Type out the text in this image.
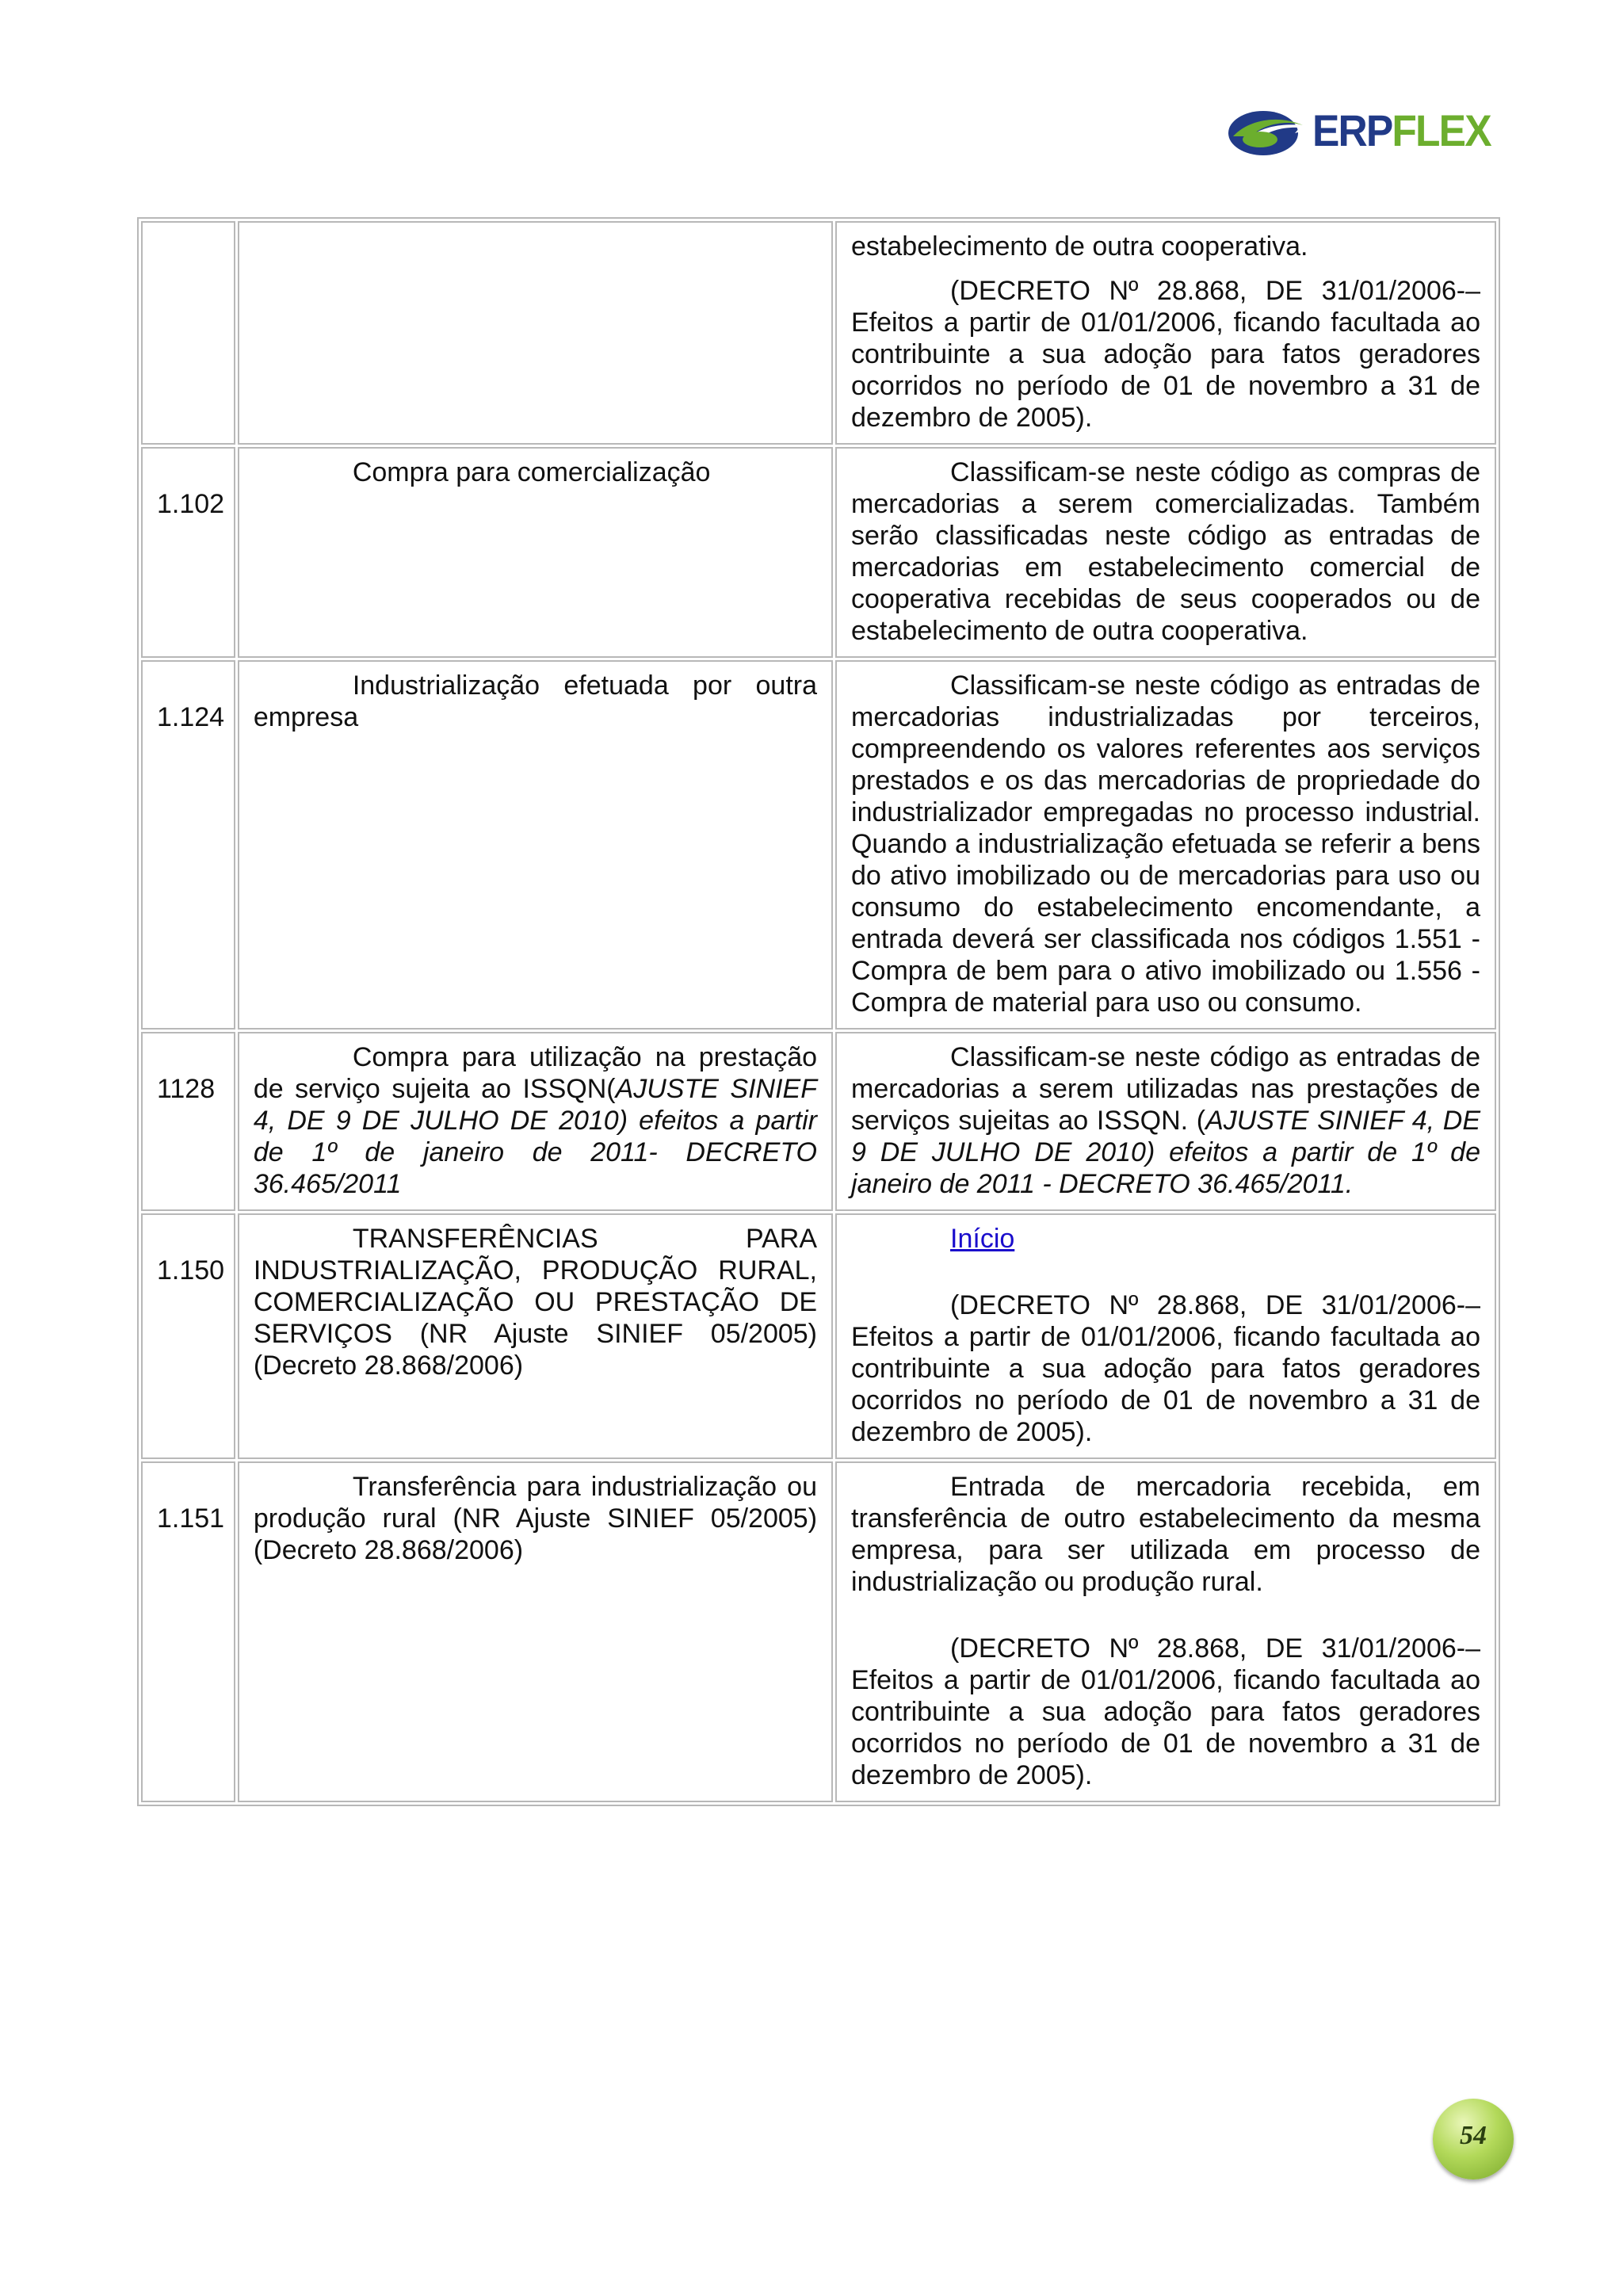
ERPFLEX

		estabelecimento de outra cooperativa.

(DECRETO Nº 28.868, DE 31/01/2006-– Efeitos a partir de 01/01/2006, ficando facultada ao contribuinte a sua adoção para fatos geradores ocorridos no período de 01 de novembro a 31 de dezembro de 2005).

1.102	Compra para comercialização	Classificam-se neste código as compras de mercadorias a serem comercializadas. Também serão classificadas neste código as entradas de mercadorias em estabelecimento comercial de cooperativa recebidas de seus cooperados ou de estabelecimento de outra cooperativa.

1.124	Industrialização efetuada por outra empresa	Classificam-se neste código as entradas de mercadorias industrializadas por terceiros, compreendendo os valores referentes aos serviços prestados e os das mercadorias de propriedade do industrializador empregadas no processo industrial. Quando a industrialização efetuada se referir a bens do ativo imobilizado ou de mercadorias para uso ou consumo do estabelecimento encomendante, a entrada deverá ser classificada nos códigos 1.551 - Compra de bem para o ativo imobilizado ou 1.556 - Compra de material para uso ou consumo.

1128	Compra para utilização na prestação de serviço sujeita ao ISSQN(AJUSTE SINIEF 4, DE 9 DE JULHO DE 2010) efeitos a partir de 1º de janeiro de 2011- DECRETO 36.465/2011	Classificam-se neste código as entradas de mercadorias a serem utilizadas nas prestações de serviços sujeitas ao ISSQN. (AJUSTE SINIEF 4, DE 9 DE JULHO DE 2010) efeitos a partir de 1º de janeiro de 2011 - DECRETO 36.465/2011.

1.150	TRANSFERÊNCIAS PARA INDUSTRIALIZAÇÃO, PRODUÇÃO RURAL, COMERCIALIZAÇÃO OU PRESTAÇÃO DE SERVIÇOS (NR Ajuste SINIEF 05/2005) (Decreto 28.868/2006)	Início

(DECRETO Nº 28.868, DE 31/01/2006-– Efeitos a partir de 01/01/2006, ficando facultada ao contribuinte a sua adoção para fatos geradores ocorridos no período de 01 de novembro a 31 de dezembro de 2005).

1.151	Transferência para industrialização ou produção rural (NR Ajuste SINIEF 05/2005) (Decreto 28.868/2006)	Entrada de mercadoria recebida, em transferência de outro estabelecimento da mesma empresa, para ser utilizada em processo de industrialização ou produção rural.

(DECRETO Nº 28.868, DE 31/01/2006-– Efeitos a partir de 01/01/2006, ficando facultada ao contribuinte a sua adoção para fatos geradores ocorridos no período de 01 de novembro a 31 de dezembro de 2005).

54
